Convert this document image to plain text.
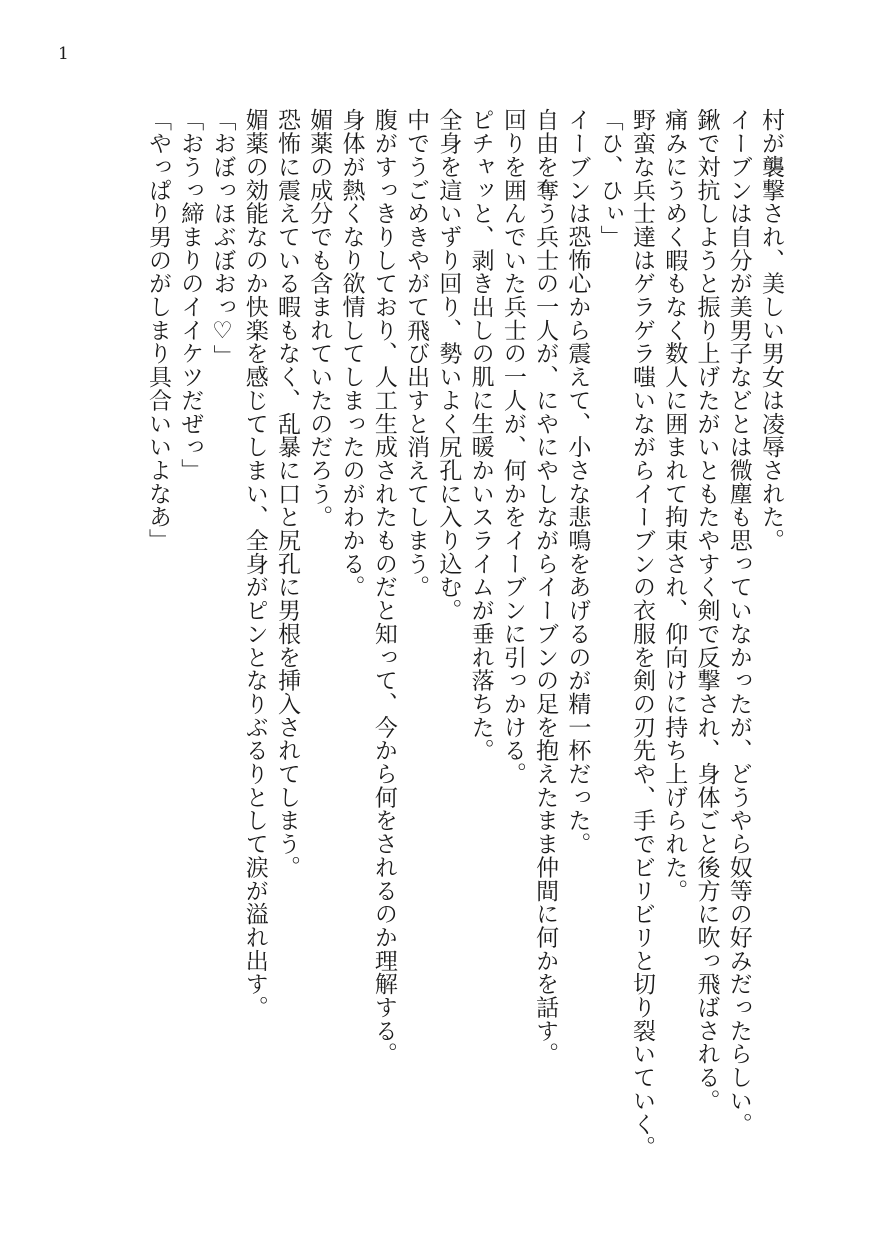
1
村が襲撃され、美しい男女は凌辱された。
イーブンは自分が美男子などとは微塵も思っていなかったが、どうやら奴等の好みだったらしい。
鍬で対抗しようと振り上げたがいともたやすく剣で反撃され、身体ごと後方に吹っ飛ばされる。
痛みにうめく暇もなく数人に囲まれて拘束され、仰向けに持ち上げられた。
野蛮な兵士達はゲラゲラ嗤いながらイーブンの衣服を剣の刃先や、手でビリビリと切り裂いていく。
「ひ、ひぃ」
イーブンは恐怖心から震えて、小さな悲鳴をあげるのが精一杯だった。
自由を奪う兵士の一人が、にやにやしながらイーブンの足を抱えたまま仲間に何かを話す。
回りを囲んでいた兵士の一人が、何かをイーブンに引っかける。
ピチャッと、剥き出しの肌に生暖かいスライムが垂れ落ちた。
全身を這いずり回り、勢いよく尻孔に入り込む。
中でうごめきやがて飛び出すと消えてしまう。
腹がすっきりしており、人工生成されたものだと知って、今から何をされるのか理解する。
身体が熱くなり欲情してしまったのがわかる。
媚薬の成分でも含まれていたのだろう。
恐怖に震えている暇もなく、乱暴に口と尻孔に男根を挿入されてしまう。
媚薬の効能なのか快楽を感じてしまい、全身がピンとなりぶるりとして涙が溢れ出す。
「おぼっほぶぼおっ♡」
「おうっ締まりのイイケツだぜっ」
「やっぱり男のがしまり具合いいよなあ」
